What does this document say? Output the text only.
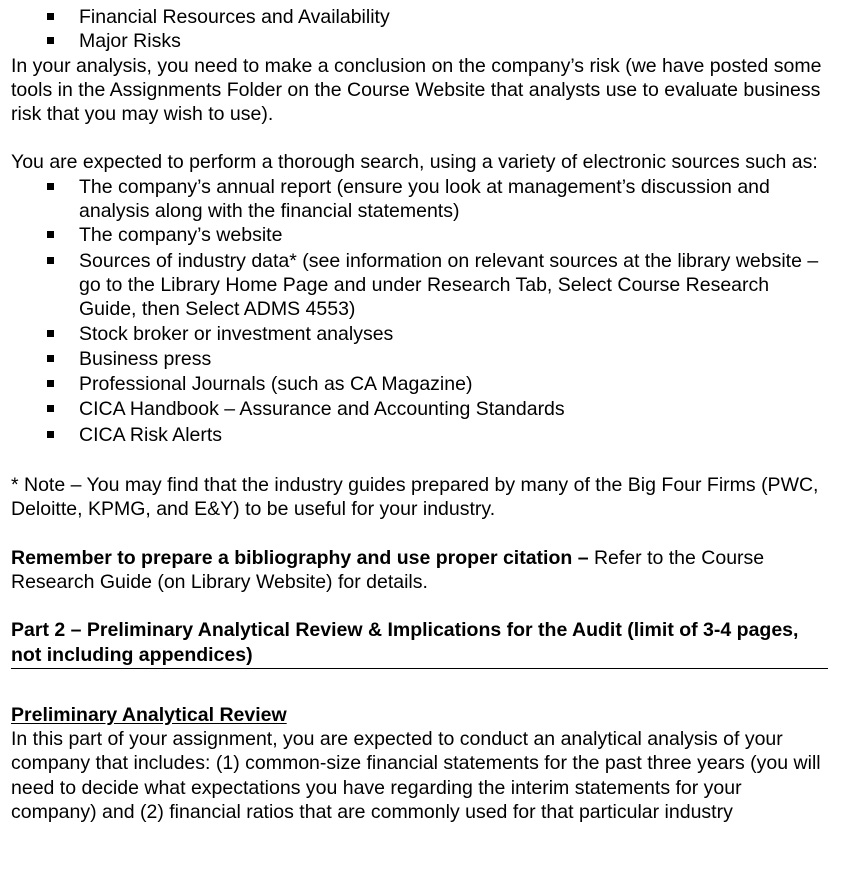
Financial Resources and Availability
Major Risks

In your analysis, you need to make a conclusion on the company’s risk (we have posted some tools in the Assignments Folder on the Course Website that analysts use to evaluate business risk that you may wish to use).

You are expected to perform a thorough search, using a variety of electronic sources such as:

The company’s annual report (ensure you look at management’s discussion and analysis along with the financial statements)
The company’s website
Sources of industry data* (see information on relevant sources at the library website – go to the Library Home Page and under Research Tab, Select Course Research Guide, then Select ADMS 4553)
Stock broker or investment analyses
Business press
Professional Journals (such as CA Magazine)
CICA Handbook – Assurance and Accounting Standards
CICA Risk Alerts

* Note – You may find that the industry guides prepared by many of the Big Four Firms (PWC, Deloitte, KPMG, and E&Y) to be useful for your industry.

Remember to prepare a bibliography and use proper citation – Refer to the Course Research Guide (on Library Website) for details.

Part 2 – Preliminary Analytical Review & Implications for the Audit (limit of 3-4 pages, not including appendices)

Preliminary Analytical Review

In this part of your assignment, you are expected to conduct an analytical analysis of your company that includes: (1) common-size financial statements for the past three years (you will need to decide what expectations you have regarding the interim statements for your company) and (2) financial ratios that are commonly used for that particular industry
